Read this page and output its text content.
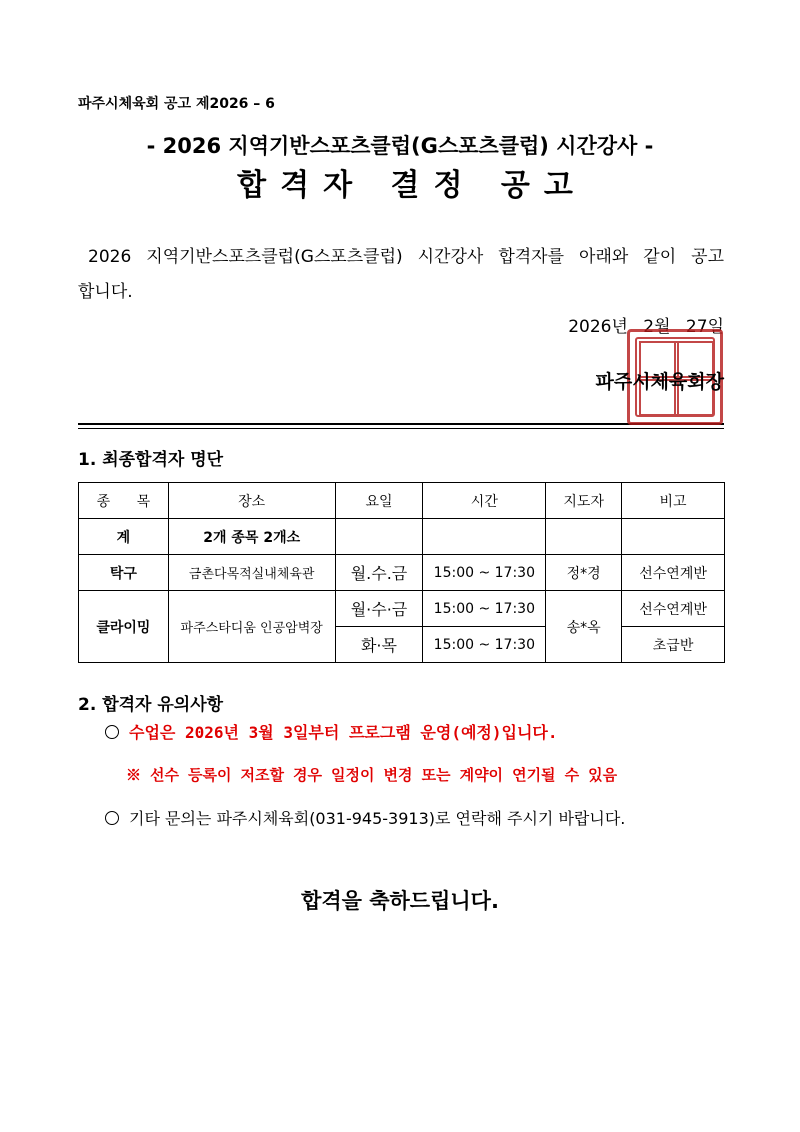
파주시체육회 공고 제2026 – 6
- 2026 지역기반스포츠클럽(G스포츠클럽) 시간강사 -
합격자 결정 공고
2026 지역기반스포츠클럽(G스포츠클럽) 시간강사 합격자를 아래와 같이 공고합니다.
2026년 2월 27일
파주시체육회장
1. 최종합격자 명단
종 목	장소	요일	시간	지도자	비고
계	2개 종목 2개소				
탁구	금촌다목적실내체육관	월.수.금	15:00 ~ 17:30	정*경	선수연계반
클라이밍	파주스타디움 인공암벽장	월·수·금	15:00 ~ 17:30	송*옥	선수연계반
		화·목	15:00 ~ 17:30		초급반
2. 합격자 유의사항
수업은 2026년 3월 3일부터 프로그램 운영(예정)입니다.
※ 선수 등록이 저조할 경우 일정이 변경 또는 계약이 연기될 수 있음
기타 문의는 파주시체육회(031-945-3913)로 연락해 주시기 바랍니다.
합격을 축하드립니다.
